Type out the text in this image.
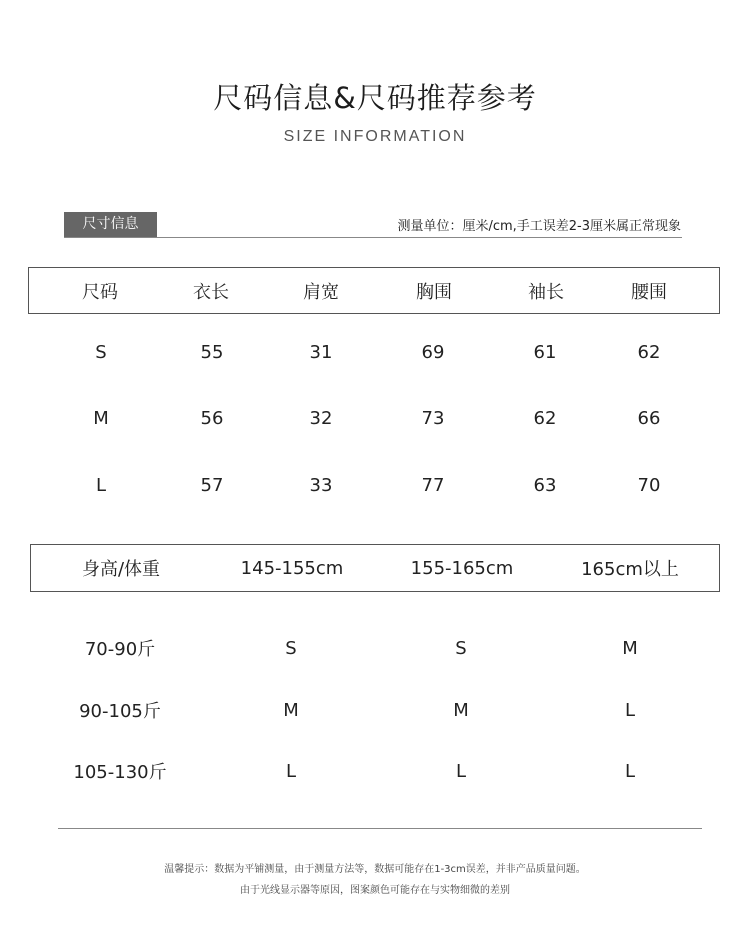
尺码信息&尺码推荐参考
SIZE INFORMATION
尺寸信息	测量单位：厘米/cm,手工误差2-3厘米属正常现象
尺码	衣长	肩宽	胸围	袖长	腰围
S	55	31	69	61	62
M	56	32	73	62	66
L	57	33	77	63	70
身高/体重	145-155cm	155-165cm	165cm以上
70-90斤	S	S	M
90-105斤	M	M	L
105-130斤	L	L	L
温馨提示：数据为平铺测量，由于测量方法等，数据可能存在1-3cm误差，并非产品质量问题。
由于光线显示器等原因，图案颜色可能存在与实物细微的差别
